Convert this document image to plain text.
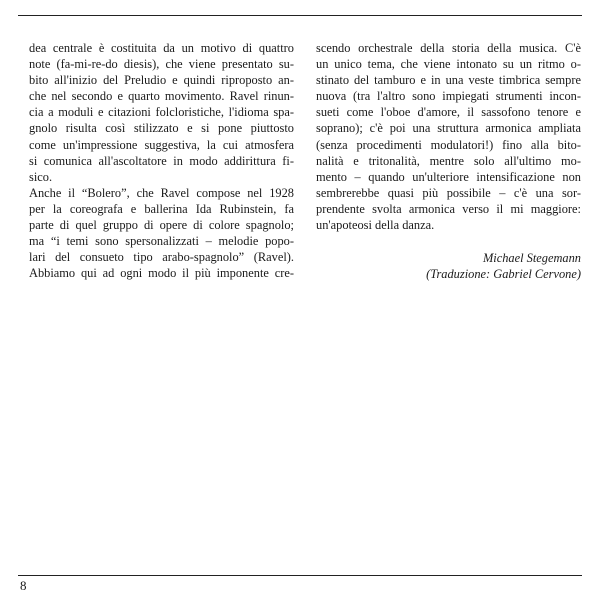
dea centrale è costituita da un motivo di quattro
note (fa-mi-re-do diesis), che viene presentato su-
bito all'inizio del Preludio e quindi riproposto an-
che nel secondo e quarto movimento. Ravel rinun-
cia a moduli e citazioni folcloristiche, l'idioma spa-
gnolo risulta così stilizzato e si pone piuttosto
come un'impressione suggestiva, la cui atmosfera
si comunica all'ascoltatore in modo addirittura fi-
sico.
Anche il “Bolero”, che Ravel compose nel 1928
per la coreografa e ballerina Ida Rubinstein, fa
parte di quel gruppo di opere di colore spagnolo;
ma “i temi sono spersonalizzati – melodie popo-
lari del consueto tipo arabo-spagnolo” (Ravel).
Abbiamo qui ad ogni modo il più imponente cre-
scendo orchestrale della storia della musica. C'è
un unico tema, che viene intonato su un ritmo o-
stinato del tamburo e in una veste timbrica sempre
nuova (tra l'altro sono impiegati strumenti incon-
sueti come l'oboe d'amore, il sassofono tenore e
soprano); c'è poi una struttura armonica ampliata
(senza procedimenti modulatori!) fino alla bito-
nalità e tritonalità, mentre solo all'ultimo mo-
mento – quando un'ulteriore intensificazione non
sembrerebbe quasi più possibile – c'è una sor-
prendente svolta armonica verso il mi maggiore:
un'apoteosi della danza.
Michael Stegemann
(Traduzione: Gabriel Cervone)
8
